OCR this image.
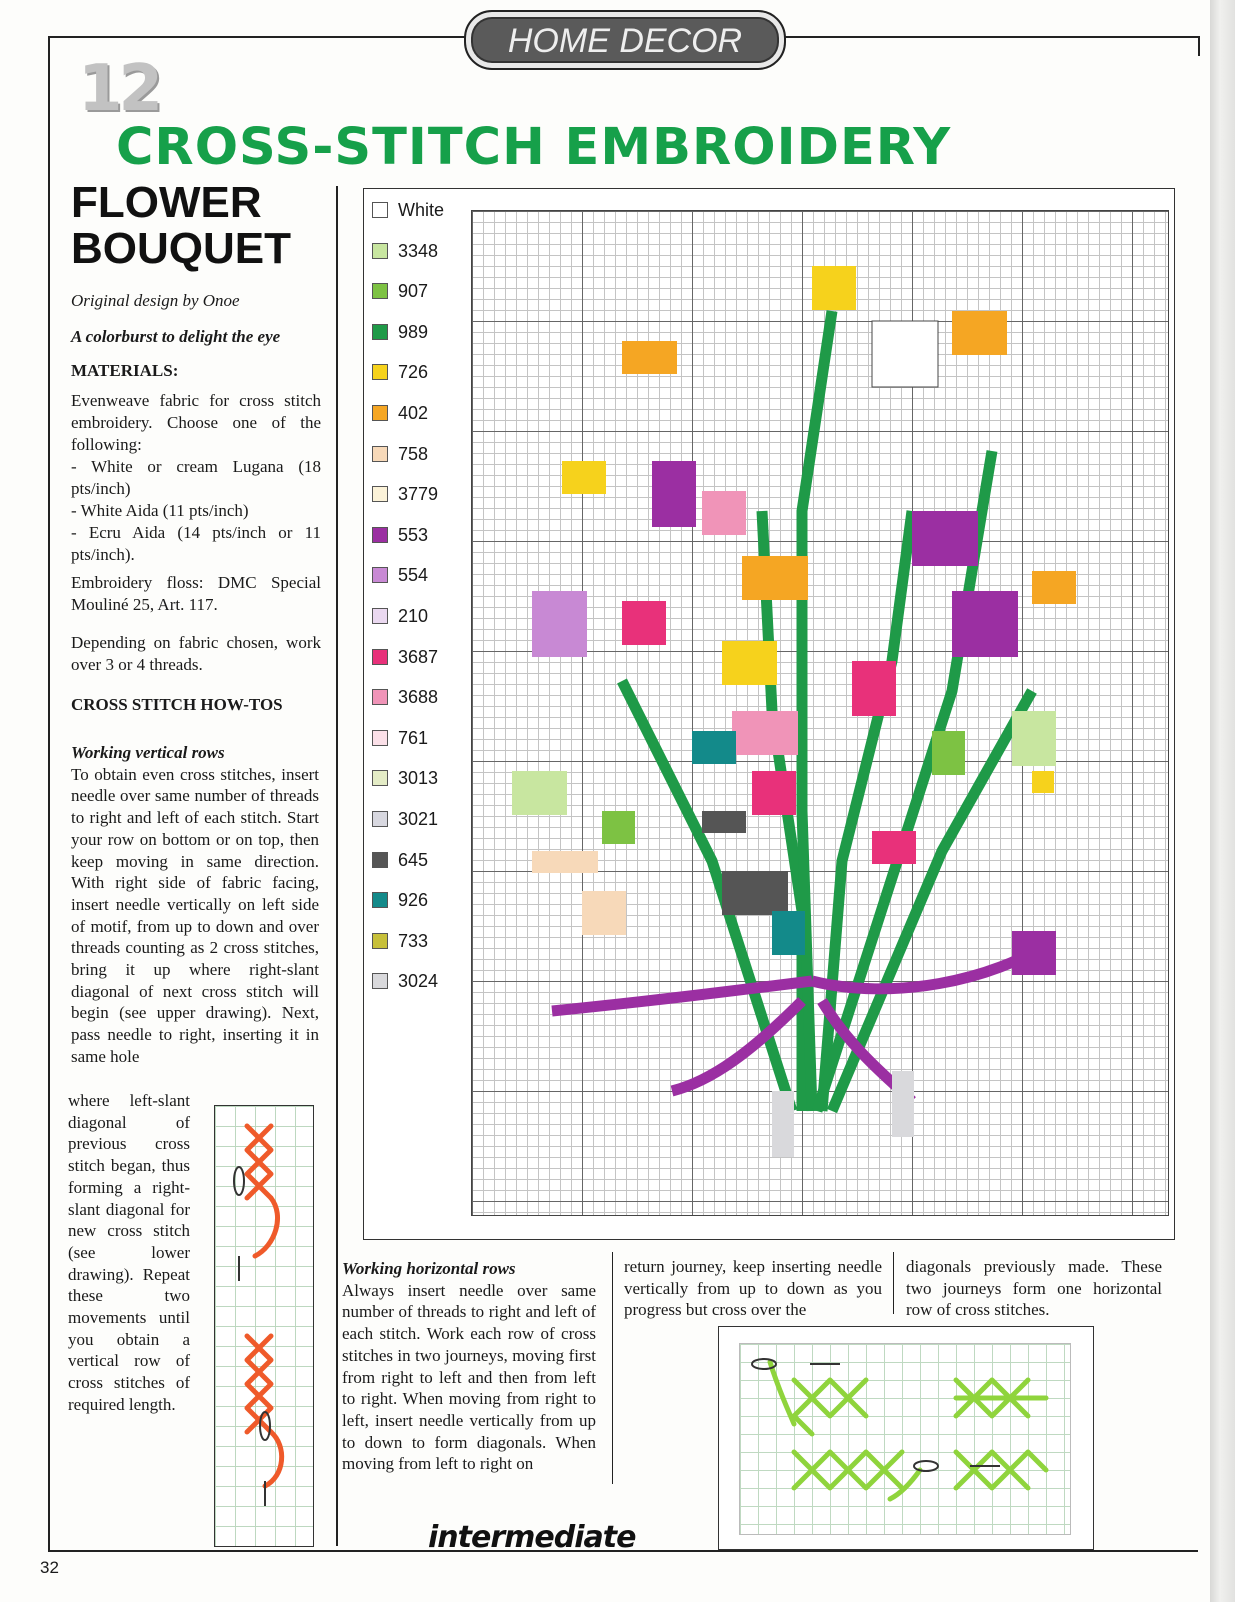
HOME DECOR
12
CROSS-STITCH EMBROIDERY
FLOWER
BOUQUET

Original design by Onoe

A colorburst to delight the eye

MATERIALS:

Evenweave fabric for cross stitch embroidery. Choose one of the following:

- White or cream Lugana (18 pts/inch)

- White Aida (11 pts/inch)

- Ecru Aida (14 pts/inch or 11 pts/inch).

Embroidery floss: DMC Special Mouliné 25, Art. 117.

Depending on fabric chosen, work over 3 or 4 threads.

CROSS STITCH HOW-TOS

Working vertical rows
To obtain even cross stitches, insert needle over same number of threads to right and left of each stitch. Start your row on bottom or on top, then keep moving in same direction. With right side of fabric facing, insert needle vertically on left side of motif, from up to down and over threads counting as 2 cross stitches, bring it up where right-slant diagonal of next cross stitch will begin (see upper drawing). Next, pass needle to right, inserting it in same hole
where left-slant diagonal of previous cross stitch began, thus forming a right-slant diagonal for new cross stitch (see lower drawing). Repeat these two movements until you obtain a vertical row of cross stitches of required length.
White
3348
907
989
726
402
758
3779
553
554
210
3687
3688
761
3013
3021
645
926
733
3024
Working horizontal rows
Always insert needle over same number of threads to right and left of each stitch. Work each row of cross stitches in two journeys, moving first from right to left and then from left to right. When moving from right to left, insert needle vertically from up to down to form diagonals. When moving from left to right on
return journey, keep inserting needle vertically from up to down as you progress but cross over the
diagonals previously made. These two journeys form one horizontal row of cross stitches.
intermediate
32
